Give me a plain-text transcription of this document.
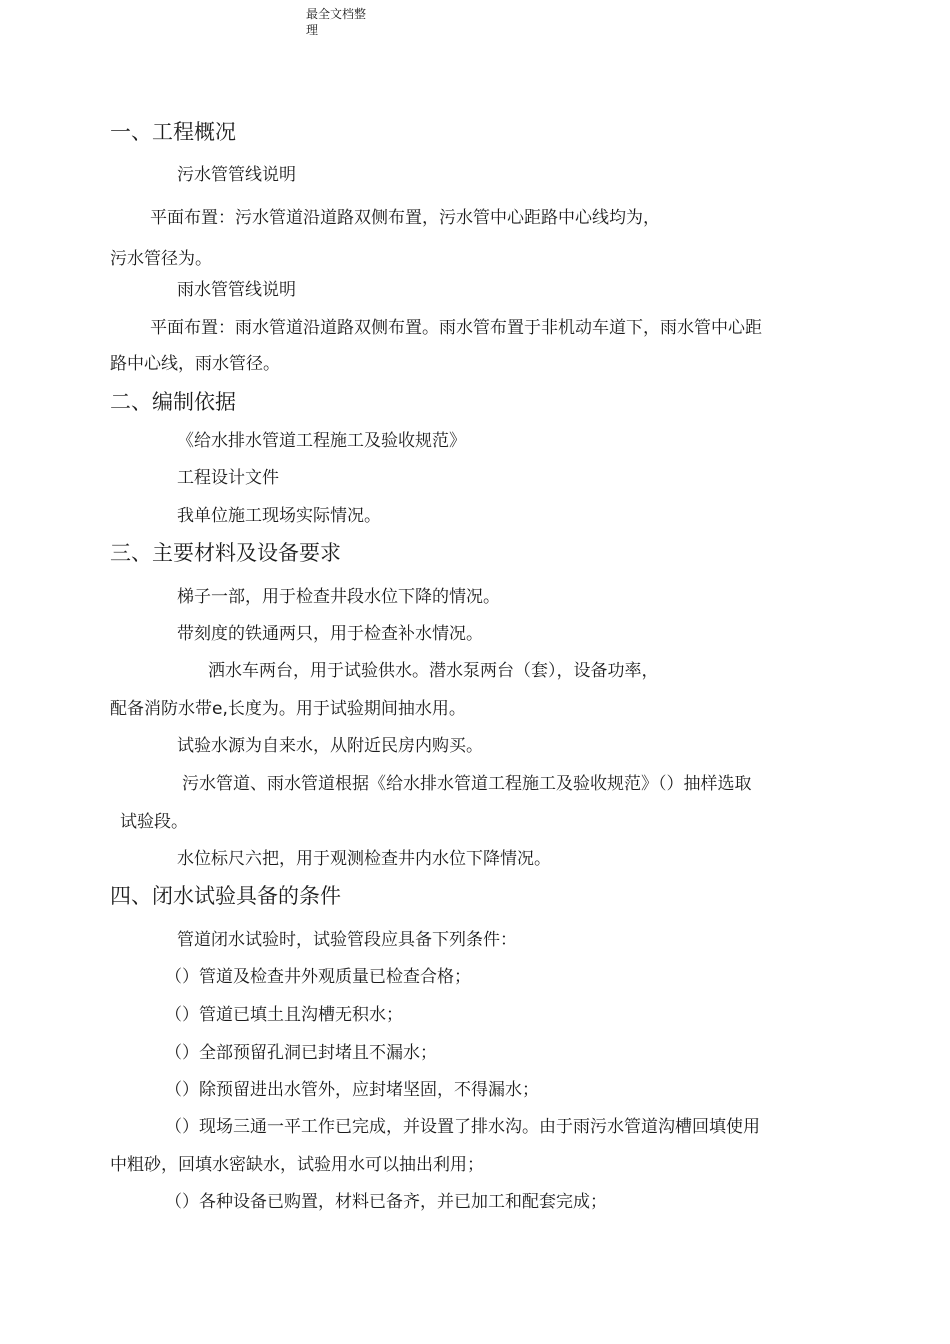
最全文档整
理
一、工程概况
污水管管线说明
平面布置：污水管道沿道路双侧布置，污水管中心距路中心线均为，
污水管径为。
雨水管管线说明
平面布置：雨水管道沿道路双侧布置。雨水管布置于非机动车道下，雨水管中心距
路中心线，雨水管径。
二、编制依据
《给水排水管道工程施工及验收规范》
工程设计文件
我单位施工现场实际情况。
三、主要材料及设备要求
梯子一部，用于检查井段水位下降的情况。
带刻度的铁通两只，用于检查补水情况。
洒水车两台，用于试验供水。潜水泵两台（套），设备功率，
配备消防水带e,长度为。用于试验期间抽水用。
试验水源为自来水，从附近民房内购买。
污水管道、雨水管道根据《给水排水管道工程施工及验收规范》（）抽样选取
试验段。
水位标尺六把，用于观测检查井内水位下降情况。
四、闭水试验具备的条件
管道闭水试验时，试验管段应具备下列条件：
（）管道及检查井外观质量已检查合格；
（）管道已填土且沟槽无积水；
（）全部预留孔洞已封堵且不漏水；
（）除预留进出水管外，应封堵坚固，不得漏水；
（）现场三通一平工作已完成，并设置了排水沟。由于雨污水管道沟槽回填使用
中粗砂，回填水密缺水，试验用水可以抽出利用；
（）各种设备已购置，材料已备齐，并已加工和配套完成；
